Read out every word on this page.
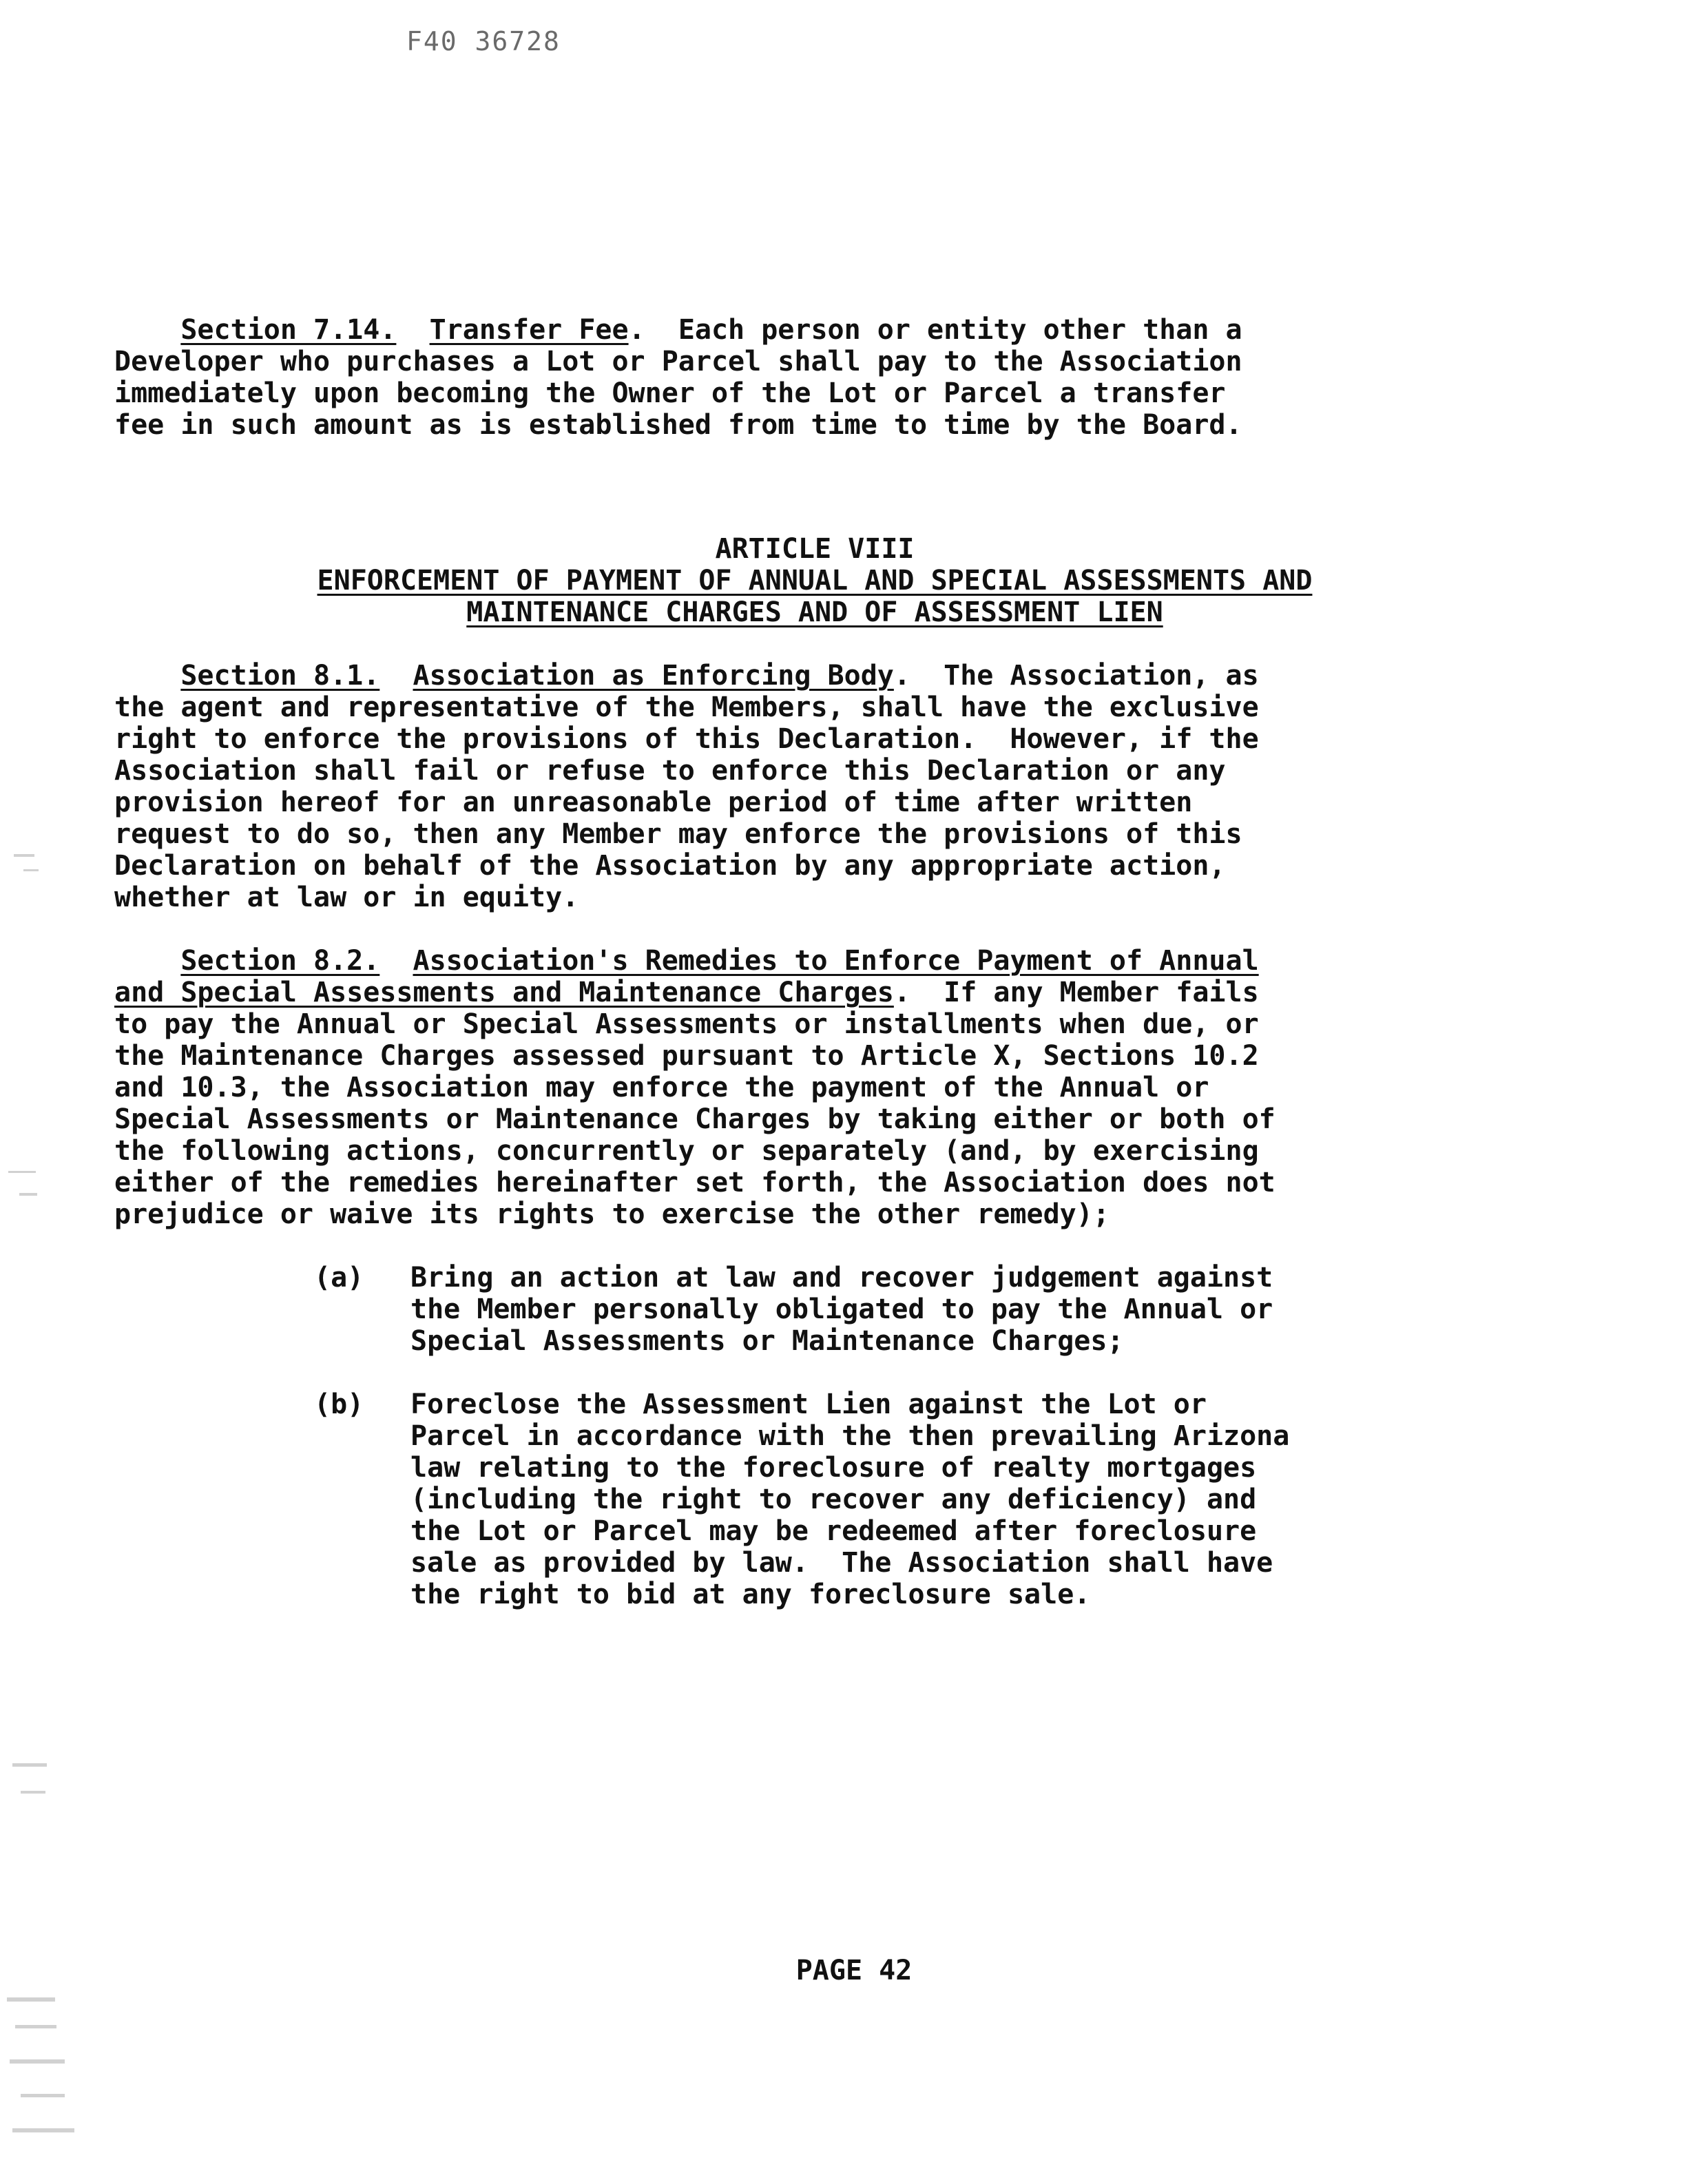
F40 36728
Section 7.14. Transfer Fee.  Each person or entity other than a
Developer who purchases a Lot or Parcel shall pay to the Association
immediately upon becoming the Owner of the Lot or Parcel a transfer
fee in such amount as is established from time to time by the Board.
ARTICLE VIII
ENFORCEMENT OF PAYMENT OF ANNUAL AND SPECIAL ASSESSMENTS AND
MAINTENANCE CHARGES AND OF ASSESSMENT LIEN
Section 8.1. Association as Enforcing Body.  The Association, as
the agent and representative of the Members, shall have the exclusive
right to enforce the provisions of this Declaration.  However, if the
Association shall fail or refuse to enforce this Declaration or any
provision hereof for an unreasonable period of time after written
request to do so, then any Member may enforce the provisions of this
Declaration on behalf of the Association by any appropriate action,
whether at law or in equity.
Section 8.2. Association's Remedies to Enforce Payment of Annual
and Special Assessments and Maintenance Charges.  If any Member fails
to pay the Annual or Special Assessments or installments when due, or
the Maintenance Charges assessed pursuant to Article X, Sections 10.2
and 10.3, the Association may enforce the payment of the Annual or
Special Assessments or Maintenance Charges by taking either or both of
the following actions, concurrently or separately (and, by exercising
either of the remedies hereinafter set forth, the Association does not
prejudice or waive its rights to exercise the other remedy);

(a)

Bring an action at law and recover judgement against
the Member personally obligated to pay the Annual or
Special Assessments or Maintenance Charges;

(b)

Foreclose the Assessment Lien against the Lot or
Parcel in accordance with the then prevailing Arizona
law relating to the foreclosure of realty mortgages
(including the right to recover any deficiency) and
the Lot or Parcel may be redeemed after foreclosure
sale as provided by law.  The Association shall have
the right to bid at any foreclosure sale.

PAGE 42
